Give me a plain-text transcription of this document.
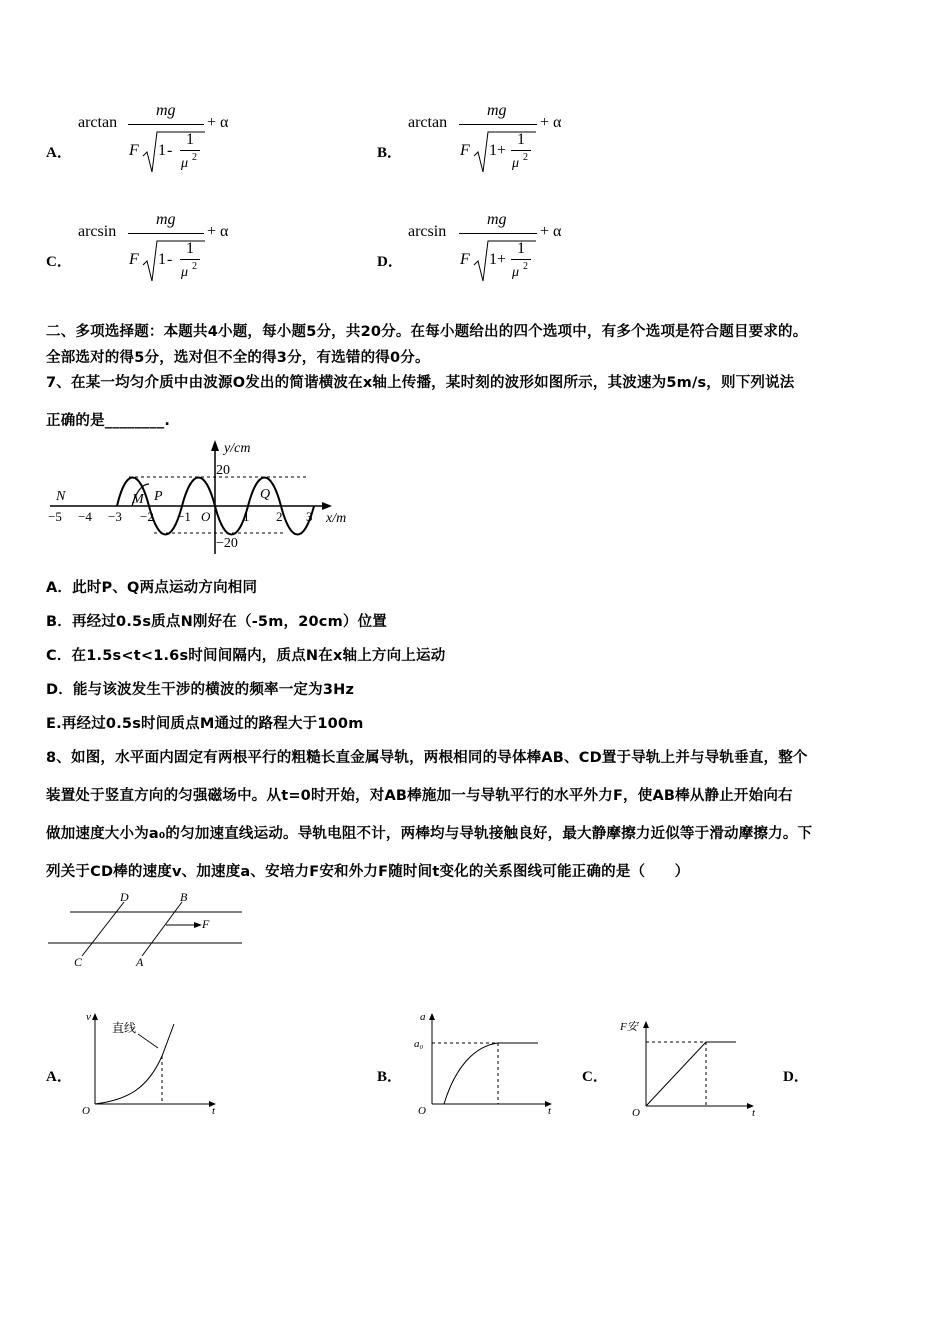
A．
arctan
mg
+ α
F 1 -
1
μ 2	B．
arctan
mg
+ α
F 1 +
1
μ 2
C．
arcsin
mg
+ α
F 1 -
1
μ 2	D．
arcsin
mg
+ α
F 1 +
1
μ 2
二、多项选择题：本题共4小题，每小题5分，共20分。在每小题给出的四个选项中，有多个选项是符合题目要求的。
全部选对的得5分，选对但不全的得3分，有选错的得0分。
7、在某一均匀介质中由波源O发出的简谐横波在x轴上传播，某时刻的波形如图所示，其波速为5m/s，则下列说法
正确的是________.
y/cm
x/m
20
−20
−5 −4 −3 −2 −1 O	1 2 3
N	M P	Q
A．此时P、Q两点运动方向相同
B．再经过0.5s质点N刚好在（-5m，20cm）位置
C．在1.5s<t<1.6s时间间隔内，质点N在x轴上方向上运动
D．能与该波发生干涉的横波的频率一定为3Hz
E.再经过0.5s时间质点M通过的路程大于100m
8、如图，水平面内固定有两根平行的粗糙长直金属导轨，两根相同的导体棒AB、CD置于导轨上并与导轨垂直，整个
装置处于竖直方向的匀强磁场中。从t=0时开始，对AB棒施加一与导轨平行的水平外力F，使AB棒从静止开始向右
做加速度大小为a₀的匀加速直线运动。导轨电阻不计，两棒均与导轨接触良好，最大静摩擦力近似等于滑动摩擦力。下
列关于CD棒的速度v、加速度a、安培力F安和外力F随时间t变化的关系图线可能正确的是（　　）
D	B
F
C	A
A．	B．	C．	D．
v
直线
O	t
a
a₀
O	t
F安
O	t
